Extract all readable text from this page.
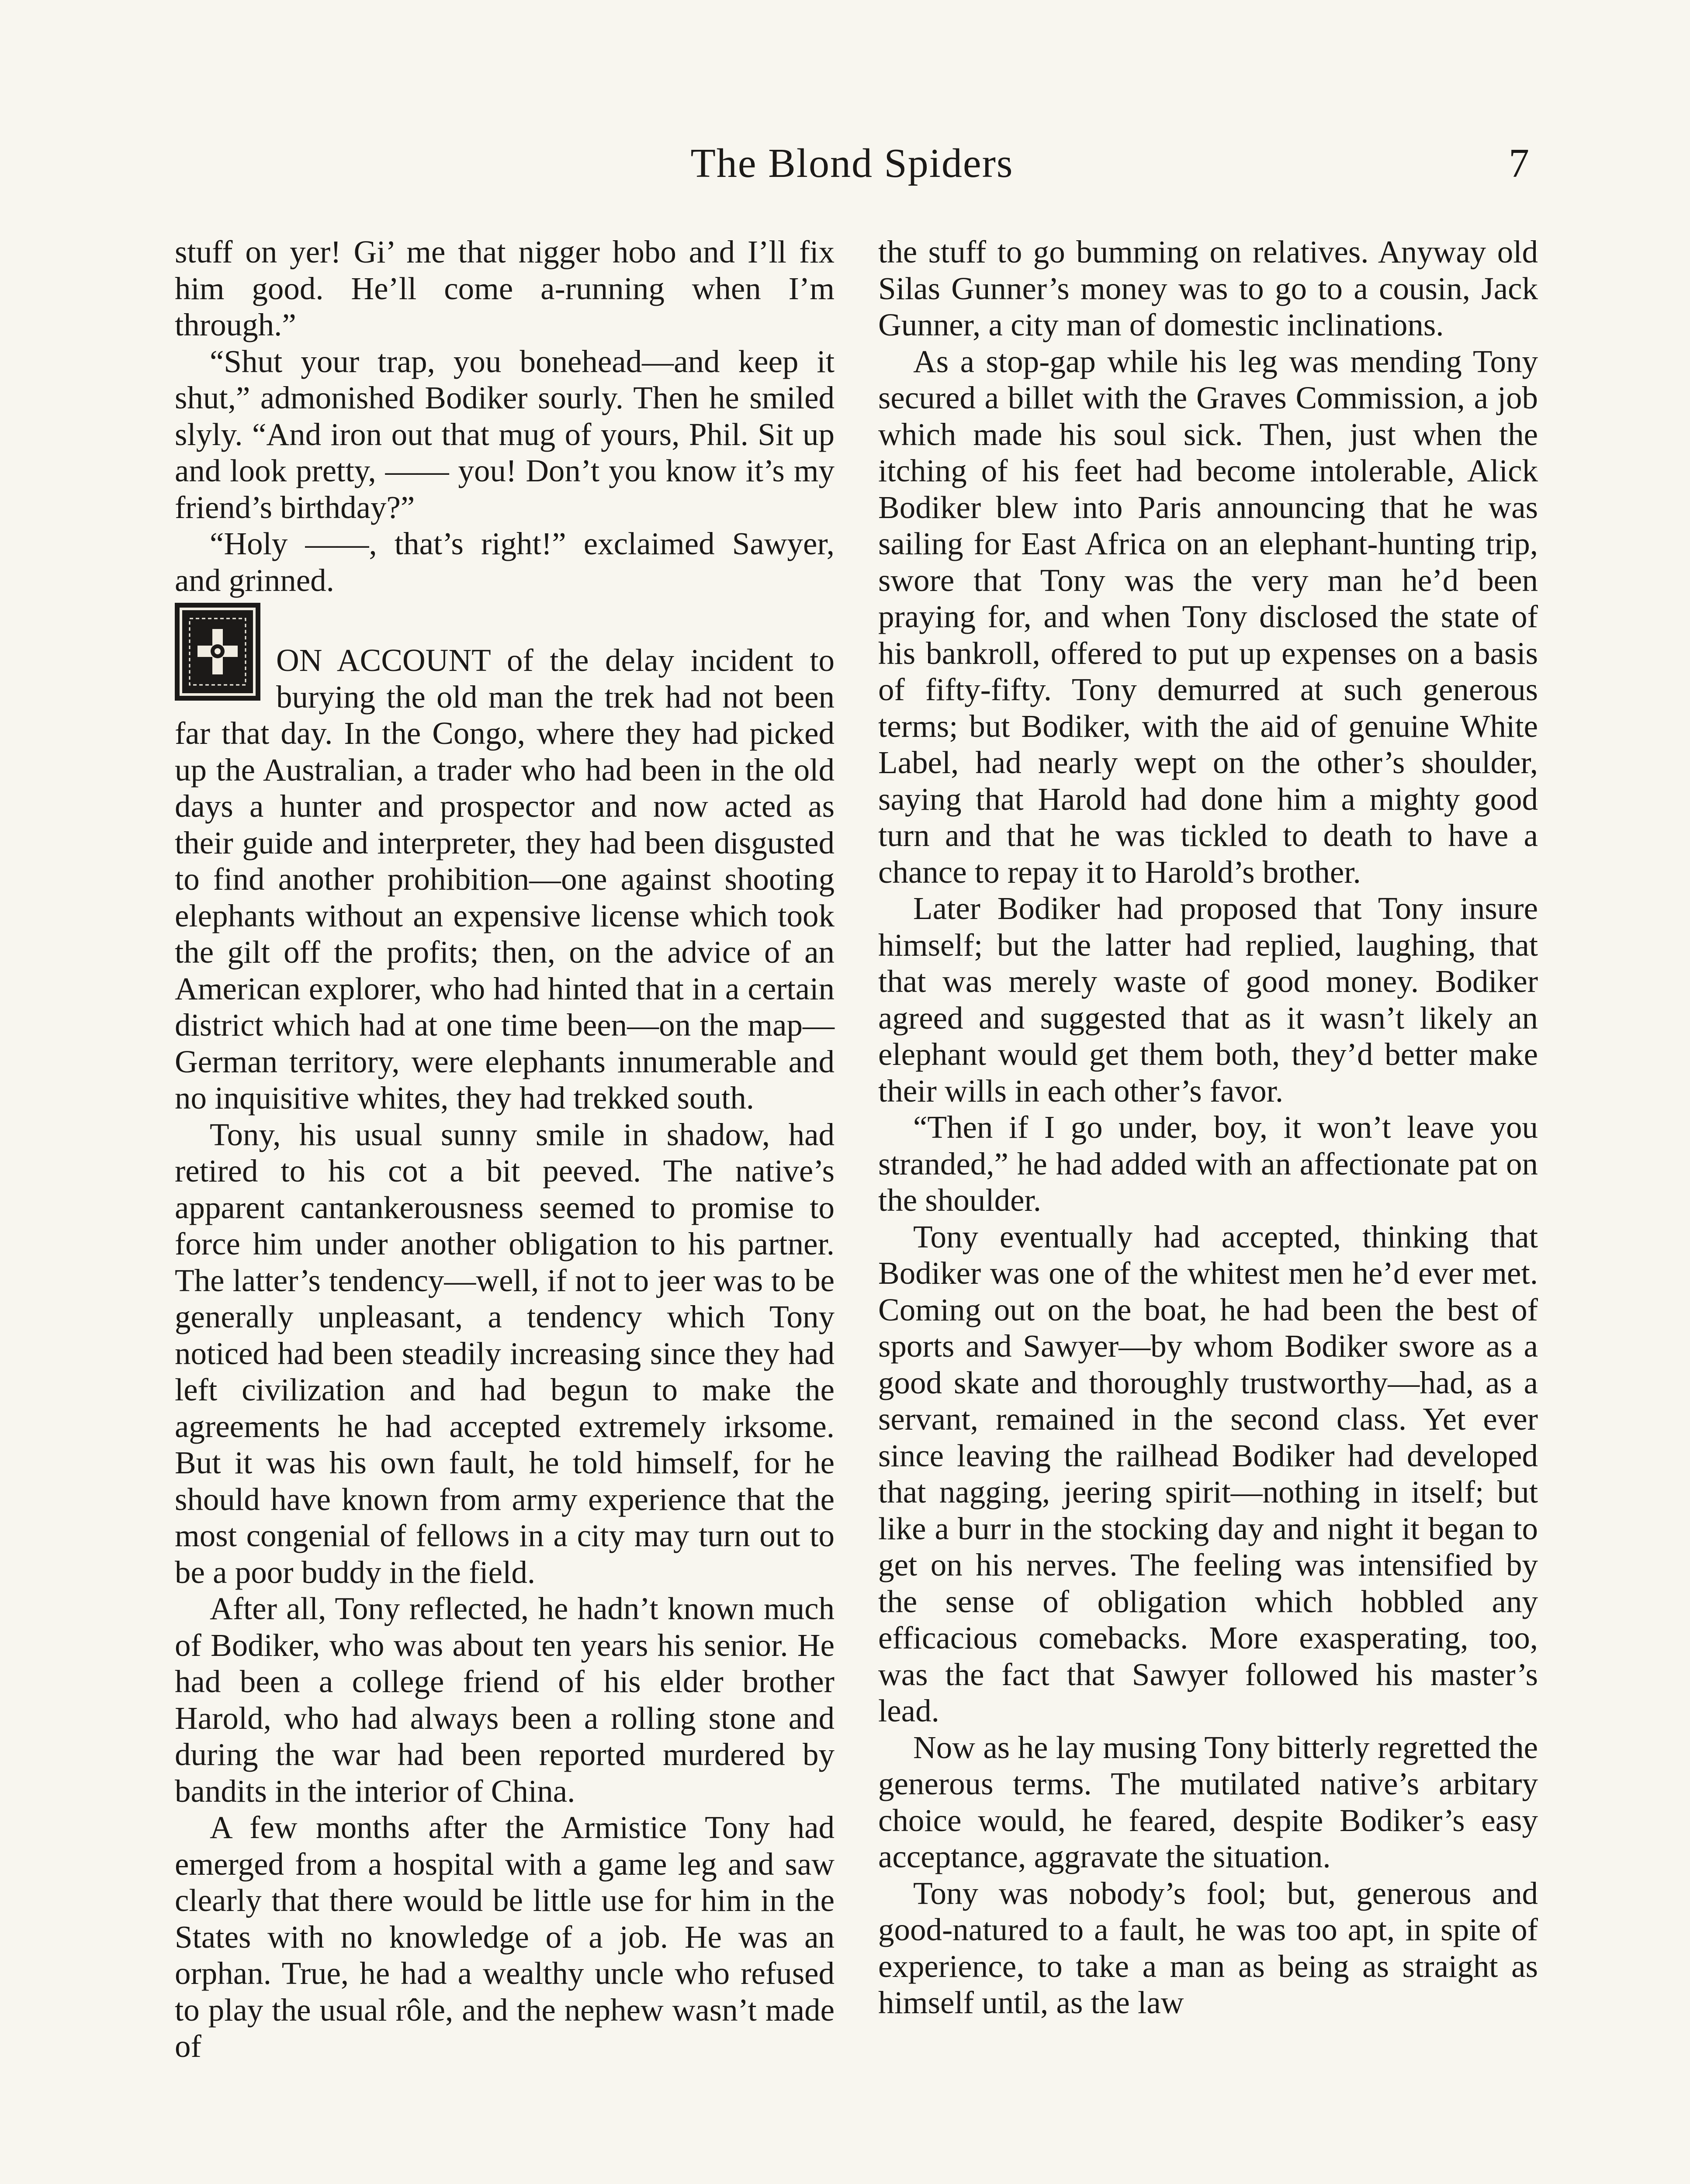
The Blond Spiders	7

stuff on yer! Gi’ me that nigger hobo and I’ll fix him good. He’ll come a-running when I’m through.”

“Shut your trap, you bonehead—and keep it shut,” admonished Bodiker sourly. Then he smiled slyly. “And iron out that mug of yours, Phil. Sit up and look pretty, —— you! Don’t you know it’s my friend’s birthday?”

“Holy ——, that’s right!” exclaimed Sawyer, and grinned.

ON ACCOUNT of the delay incident to burying the old man the trek had not been far that day. In the Congo, where they had picked up the Australian, a trader who had been in the old days a hunter and prospector and now acted as their guide and interpreter, they had been disgusted to find another prohibition—one against shooting elephants without an expensive license which took the gilt off the profits; then, on the advice of an American explorer, who had hinted that in a certain district which had at one time been—on the map—German territory, were elephants innumerable and no inquisitive whites, they had trekked south.

Tony, his usual sunny smile in shadow, had retired to his cot a bit peeved. The native’s apparent cantankerousness seemed to promise to force him under another obligation to his partner. The latter’s tendency—well, if not to jeer was to be generally unpleasant, a tendency which Tony noticed had been steadily increasing since they had left civilization and had begun to make the agreements he had accepted extremely irksome. But it was his own fault, he told himself, for he should have known from army experience that the most congenial of fellows in a city may turn out to be a poor buddy in the field.

After all, Tony reflected, he hadn’t known much of Bodiker, who was about ten years his senior. He had been a college friend of his elder brother Harold, who had always been a rolling stone and during the war had been reported murdered by bandits in the interior of China.

A few months after the Armistice Tony had emerged from a hospital with a game leg and saw clearly that there would be little use for him in the States with no knowledge of a job. He was an orphan. True, he had a wealthy uncle who refused to play the usual rôle, and the nephew wasn’t made of

the stuff to go bumming on relatives. Anyway old Silas Gunner’s money was to go to a cousin, Jack Gunner, a city man of domestic inclinations.

As a stop-gap while his leg was mending Tony secured a billet with the Graves Commission, a job which made his soul sick. Then, just when the itching of his feet had become intolerable, Alick Bodiker blew into Paris announcing that he was sailing for East Africa on an elephant-hunting trip, swore that Tony was the very man he’d been praying for, and when Tony disclosed the state of his bankroll, offered to put up expenses on a basis of fifty-fifty. Tony demurred at such generous terms; but Bodiker, with the aid of genuine White Label, had nearly wept on the other’s shoulder, saying that Harold had done him a mighty good turn and that he was tickled to death to have a chance to repay it to Harold’s brother.

Later Bodiker had proposed that Tony insure himself; but the latter had replied, laughing, that that was merely waste of good money. Bodiker agreed and suggested that as it wasn’t likely an elephant would get them both, they’d better make their wills in each other’s favor.

“Then if I go under, boy, it won’t leave you stranded,” he had added with an affectionate pat on the shoulder.

Tony eventually had accepted, thinking that Bodiker was one of the whitest men he’d ever met. Coming out on the boat, he had been the best of sports and Sawyer—by whom Bodiker swore as a good skate and thoroughly trustworthy—had, as a servant, remained in the second class. Yet ever since leaving the railhead Bodiker had developed that nagging, jeering spirit—nothing in itself; but like a burr in the stocking day and night it began to get on his nerves. The feeling was intensified by the sense of obligation which hobbled any efficacious comebacks. More exasperating, too, was the fact that Sawyer followed his master’s lead.

Now as he lay musing Tony bitterly regretted the generous terms. The mutilated native’s arbitary choice would, he feared, despite Bodiker’s easy acceptance, aggravate the situation.

Tony was nobody’s fool; but, generous and good-natured to a fault, he was too apt, in spite of experience, to take a man as being as straight as himself until, as the law
